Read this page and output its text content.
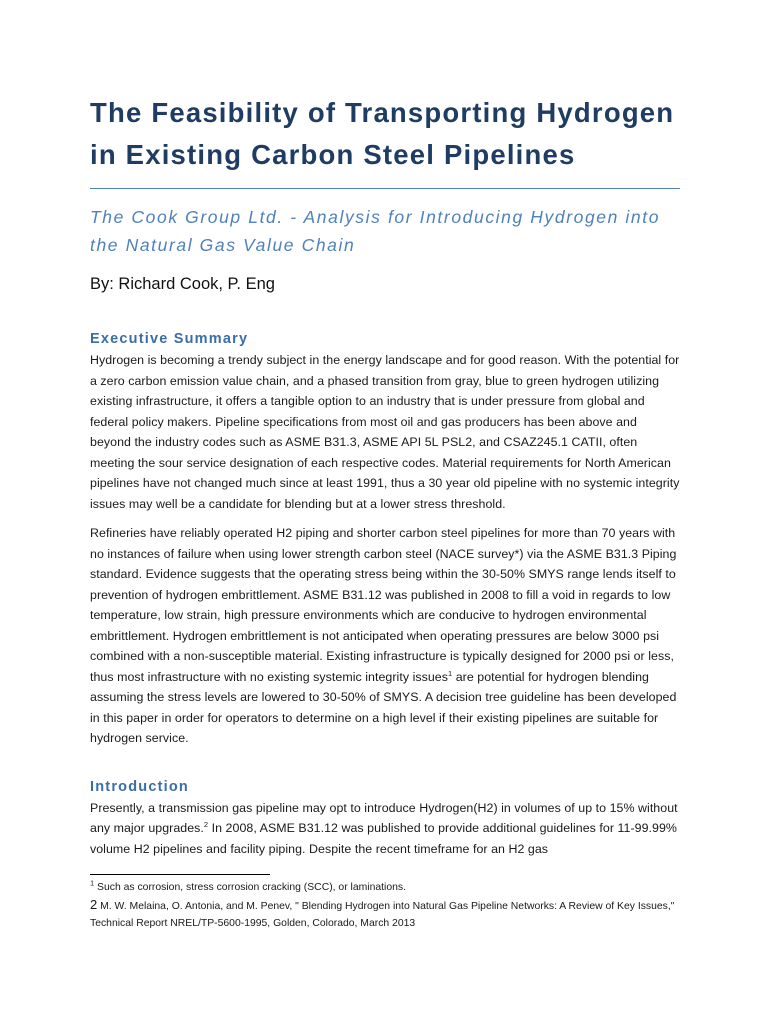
The Feasibility of Transporting Hydrogen
in Existing Carbon Steel Pipelines
The Cook Group Ltd. - Analysis for Introducing Hydrogen into
the Natural Gas Value Chain
By: Richard Cook, P. Eng
Executive Summary

Hydrogen is becoming a trendy subject in the energy landscape and for good reason. With the potential for a zero carbon emission value chain, and a phased transition from gray, blue to green hydrogen utilizing existing infrastructure, it offers a tangible option to an industry that is under pressure from global and federal policy makers. Pipeline specifications from most oil and gas producers has been above and beyond the industry codes such as ASME B31.3, ASME API 5L PSL2, and CSAZ245.1 CATII, often meeting the sour service designation of each respective codes. Material requirements for North American pipelines have not changed much since at least 1991, thus a 30 year old pipeline with no systemic integrity issues may well be a candidate for blending but at a lower stress threshold.

Refineries have reliably operated H2 piping and shorter carbon steel pipelines for more than 70 years with no instances of failure when using lower strength carbon steel (NACE survey*) via the ASME B31.3 Piping standard. Evidence suggests that the operating stress being within the 30-50% SMYS range lends itself to prevention of hydrogen embrittlement. ASME B31.12 was published in 2008 to fill a void in regards to low temperature, low strain, high pressure environments which are conducive to hydrogen environmental embrittlement. Hydrogen embrittlement is not anticipated when operating pressures are below 3000 psi combined with a non-susceptible material. Existing infrastructure is typically designed for 2000 psi or less, thus most infrastructure with no existing systemic integrity issues$^1$ are potential for hydrogen blending assuming the stress levels are lowered to 30-50% of SMYS. A decision tree guideline has been developed in this paper in order for operators to determine on a high level if their existing pipelines are suitable for hydrogen service.

Introduction

Presently, a transmission gas pipeline may opt to introduce Hydrogen(H2) in volumes of up to 15% without any major upgrades.$^2$ In 2008, ASME B31.12 was published to provide additional guidelines for 11-99.99% volume H2 pipelines and facility piping. Despite the recent timeframe for an H2 gas

$^1$ Such as corrosion, stress corrosion cracking (SCC), or laminations.
2 M. W. Melaina, O. Antonia, and M. Penev, " Blending Hydrogen into Natural Gas Pipeline Networks: A Review of Key Issues," Technical Report NREL/TP-5600-1995, Golden, Colorado, March 2013
